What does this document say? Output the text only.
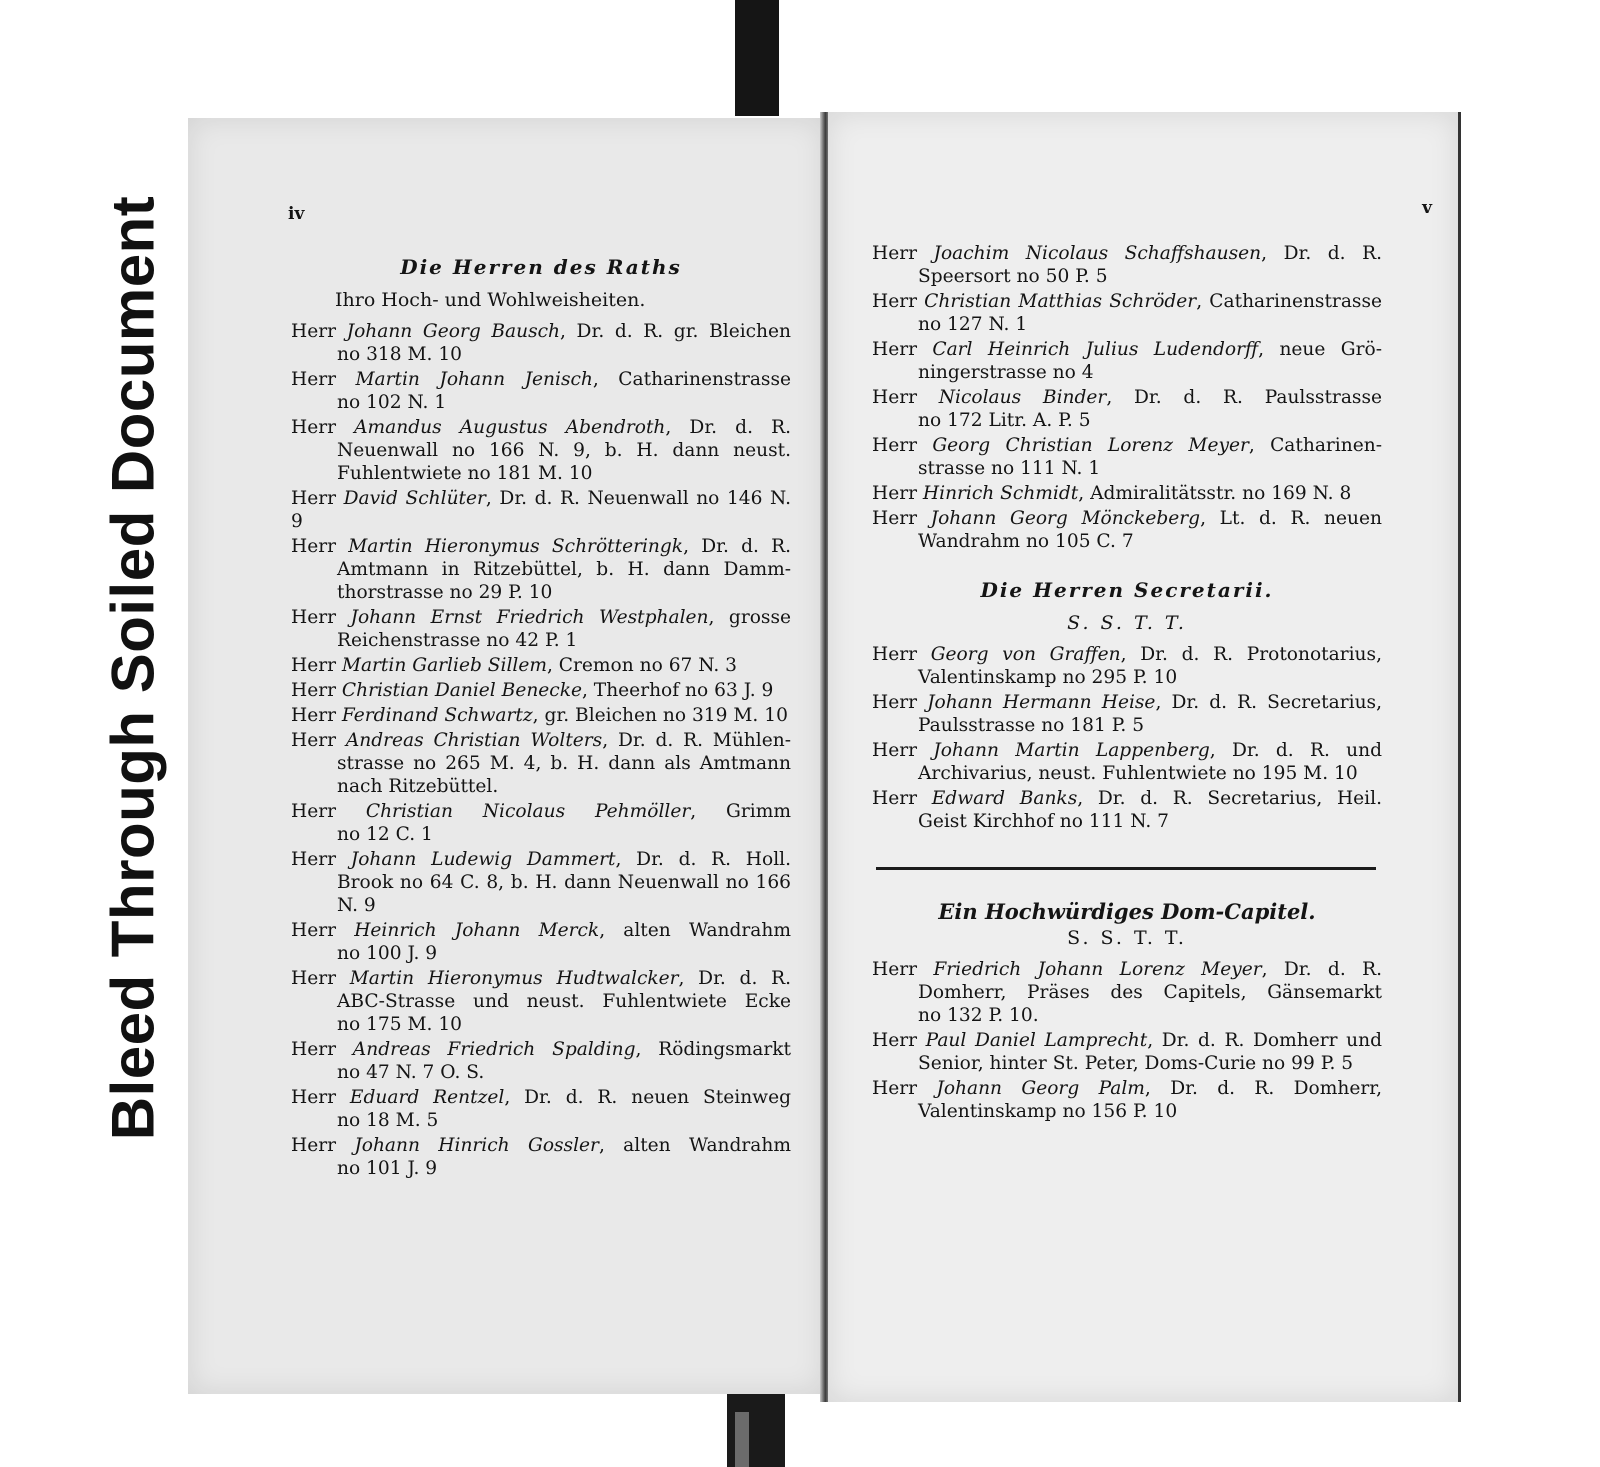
Bleed Through Soiled Document	iv
Die Herren des Raths
Ihro Hoch- und Wohlweisheiten.
Herr Johann Georg Bausch, Dr. d. R. gr. Bleichen
no 318 M. 10
Herr Martin Johann Jenisch, Catharinenstrasse
no 102 N. 1
Herr Amandus Augustus Abendroth, Dr. d. R.
Neuenwall no 166 N. 9, b. H. dann neust.
Fuhlentwiete no 181 M. 10
Herr David Schlüter, Dr. d. R. Neuenwall no 146 N. 9
Herr Martin Hieronymus Schrötteringk, Dr. d. R.
Amtmann in Ritzebüttel, b. H. dann Damm-
thorstrasse no 29 P. 10
Herr Johann Ernst Friedrich Westphalen, grosse
Reichenstrasse no 42 P. 1
Herr Martin Garlieb Sillem, Cremon no 67 N. 3
Herr Christian Daniel Benecke, Theerhof no 63 J. 9
Herr Ferdinand Schwartz, gr. Bleichen no 319 M. 10
Herr Andreas Christian Wolters, Dr. d. R. Mühlen-
strasse no 265 M. 4, b. H. dann als Amtmann
nach Ritzebüttel.
Herr Christian Nicolaus Pehmöller, Grimm
no 12 C. 1
Herr Johann Ludewig Dammert, Dr. d. R. Holl.
Brook no 64 C. 8, b. H. dann Neuenwall no 166 N. 9
Herr Heinrich Johann Merck, alten Wandrahm
no 100 J. 9
Herr Martin Hieronymus Hudtwalcker, Dr. d. R.
ABC-Strasse und neust. Fuhlentwiete Ecke
no 175 M. 10
Herr Andreas Friedrich Spalding, Rödingsmarkt
no 47 N. 7 O. S.
Herr Eduard Rentzel, Dr. d. R. neuen Steinweg
no 18 M. 5
Herr Johann Hinrich Gossler, alten Wandrahm
no 101 J. 9
v
Herr Joachim Nicolaus Schaffshausen, Dr. d. R.
Speersort no 50 P. 5
Herr Christian Matthias Schröder, Catharinenstrasse
no 127 N. 1
Herr Carl Heinrich Julius Ludendorff, neue Grö-
ningerstrasse no 4
Herr Nicolaus Binder, Dr. d. R. Paulsstrasse
no 172 Litr. A. P. 5
Herr Georg Christian Lorenz Meyer, Catharinen-
strasse no 111 N. 1
Herr Hinrich Schmidt, Admiralitätsstr. no 169 N. 8
Herr Johann Georg Mönckeberg, Lt. d. R. neuen
Wandrahm no 105 C. 7
Die Herren Secretarii.
S. S. T. T.
Herr Georg von Graffen, Dr. d. R. Protonotarius,
Valentinskamp no 295 P. 10
Herr Johann Hermann Heise, Dr. d. R. Secretarius,
Paulsstrasse no 181 P. 5
Herr Johann Martin Lappenberg, Dr. d. R. und
Archivarius, neust. Fuhlentwiete no 195 M. 10
Herr Edward Banks, Dr. d. R. Secretarius, Heil.
Geist Kirchhof no 111 N. 7
Ein Hochwürdiges Dom-Capitel.
S. S. T. T.
Herr Friedrich Johann Lorenz Meyer, Dr. d. R.
Domherr, Präses des Capitels, Gänsemarkt
no 132 P. 10.
Herr Paul Daniel Lamprecht, Dr. d. R. Domherr und
Senior, hinter St. Peter, Doms-Curie no 99 P. 5
Herr Johann Georg Palm, Dr. d. R. Domherr,
Valentinskamp no 156 P. 10
